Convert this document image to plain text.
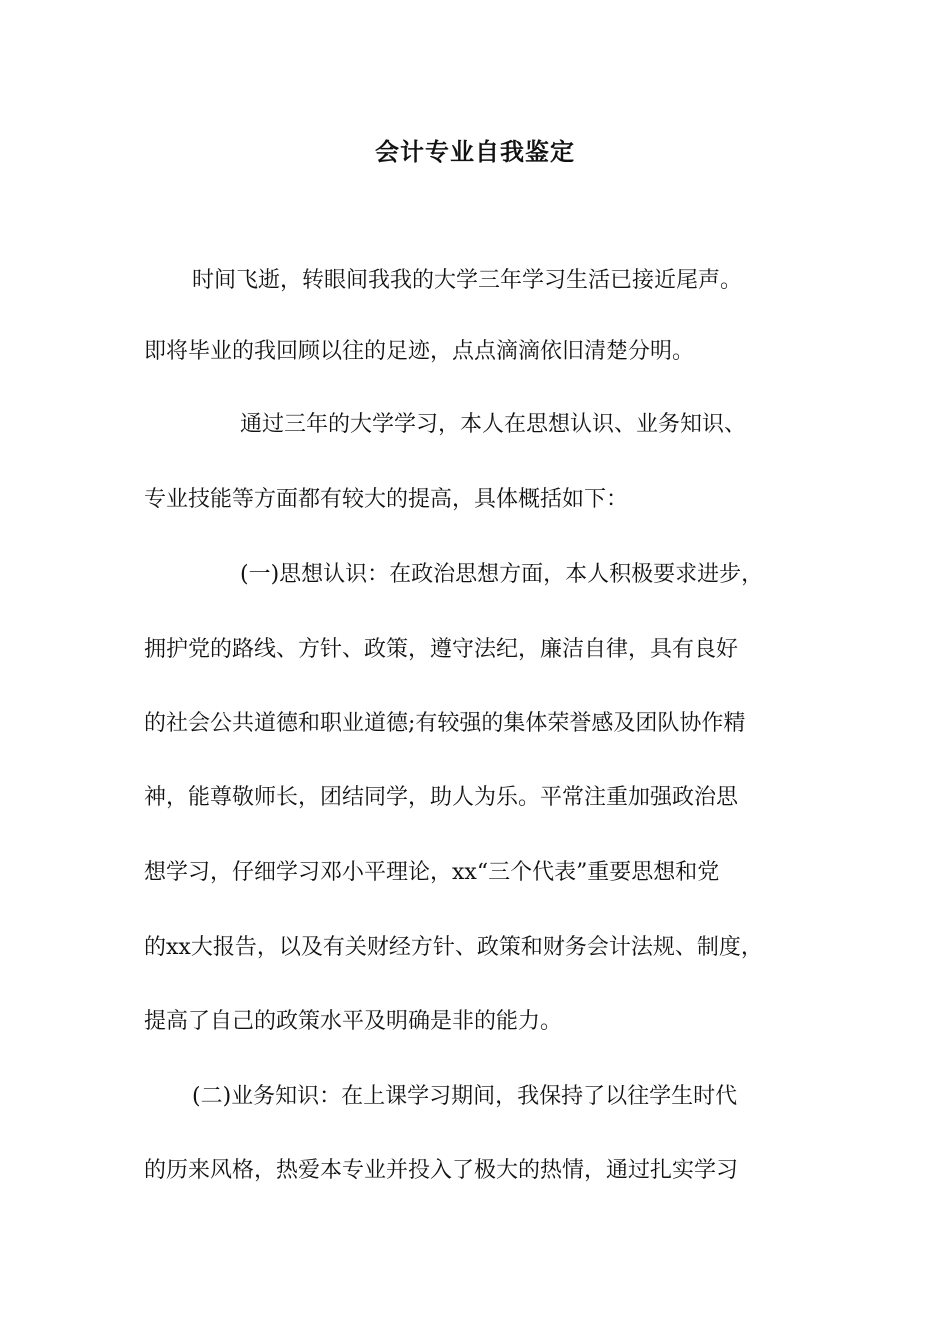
会计专业自我鉴定
时间飞逝，转眼间我我的大学三年学习生活已接近尾声。
即将毕业的我回顾以往的足迹，点点滴滴依旧清楚分明。
通过三年的大学学习，本人在思想认识、业务知识、
专业技能等方面都有较大的提高，具体概括如下：
(一)思想认识：在政治思想方面，本人积极要求进步，
拥护党的路线、方针、政策，遵守法纪，廉洁自律，具有良好
的社会公共道德和职业道德;有较强的集体荣誉感及团队协作精
神，能尊敬师长，团结同学，助人为乐。平常注重加强政治思
想学习，仔细学习邓小平理论，xx“三个代表”重要思想和党
的xx大报告，以及有关财经方针、政策和财务会计法规、制度，
提高了自己的政策水平及明确是非的能力。
(二)业务知识：在上课学习期间，我保持了以往学生时代
的历来风格，热爱本专业并投入了极大的热情，通过扎实学习
